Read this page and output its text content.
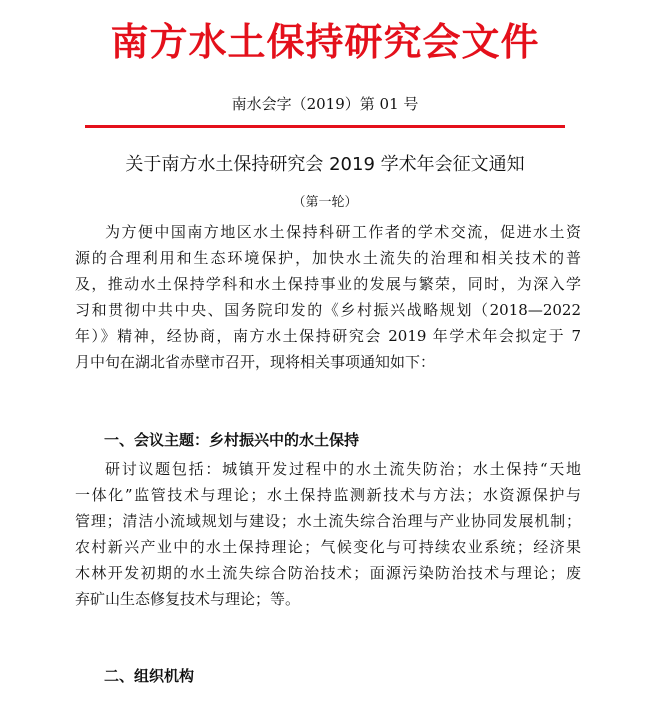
南方水土保持研究会文件
南水会字（2019）第 01 号
关于南方水土保持研究会 2019 学术年会征文通知
（第一轮）
为方便中国南方地区水土保持科研工作者的学术交流，促进水土资
源的合理利用和生态环境保护，加快水土流失的治理和相关技术的普
及，推动水土保持学科和水土保持事业的发展与繁荣，同时，为深入学
习和贯彻中共中央、国务院印发的《乡村振兴战略规划（2018—2022
年）》精神，经协商，南方水土保持研究会 2019 年学术年会拟定于 7
月中旬在湖北省赤壁市召开，现将相关事项通知如下：
一、会议主题：乡村振兴中的水土保持
研讨议题包括：城镇开发过程中的水土流失防治；水土保持“天地
一体化”监管技术与理论；水土保持监测新技术与方法；水资源保护与
管理；清洁小流域规划与建设；水土流失综合治理与产业协同发展机制；
农村新兴产业中的水土保持理论；气候变化与可持续农业系统；经济果
木林开发初期的水土流失综合防治技术；面源污染防治技术与理论；废
弃矿山生态修复技术与理论；等。
二、组织机构
